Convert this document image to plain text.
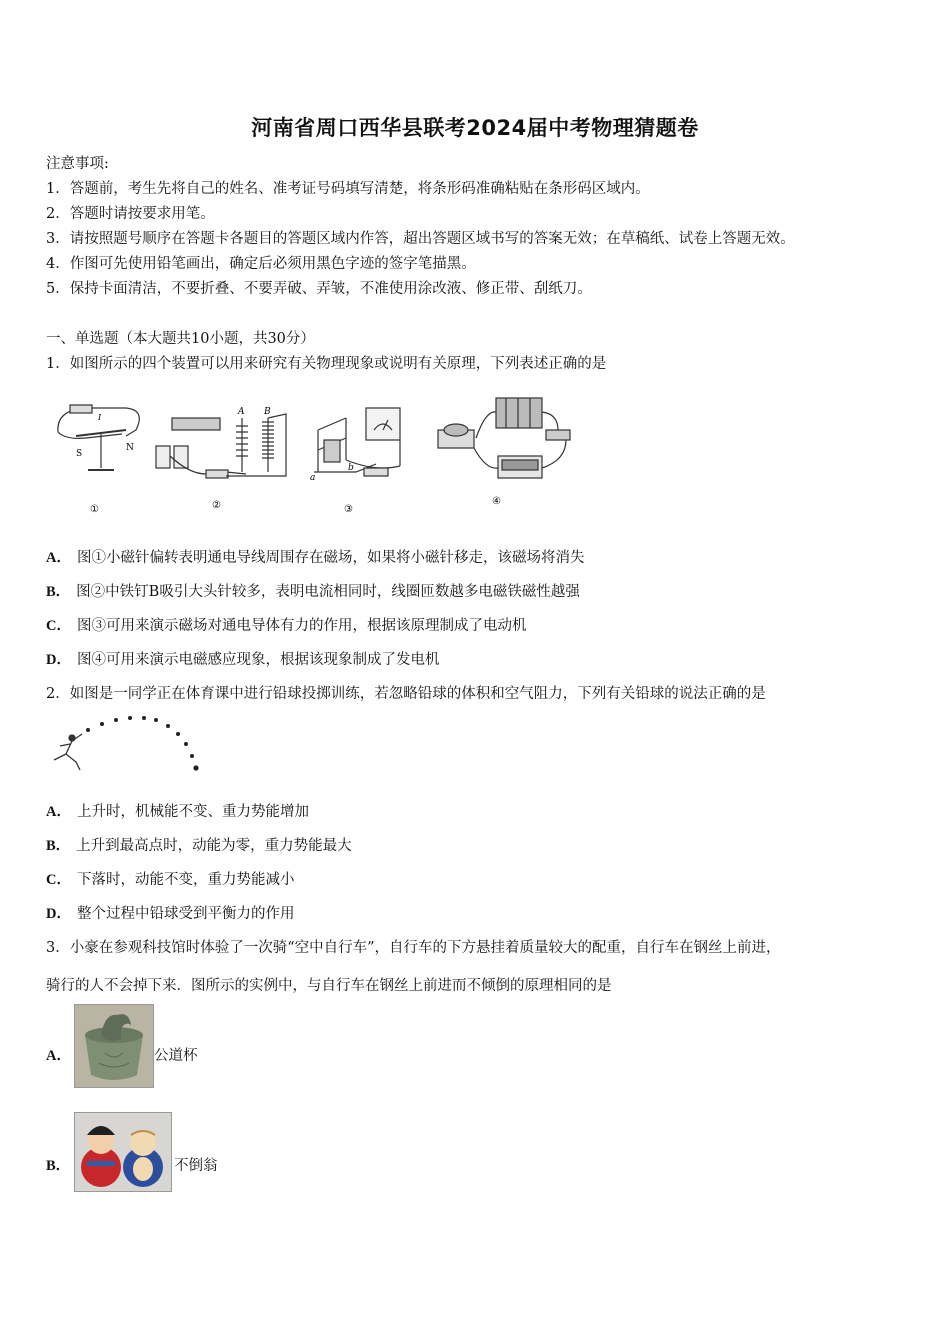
河南省周口西华县联考2024届中考物理猜题卷
注意事项:
1．答题前，考生先将自己的姓名、准考证号码填写清楚，将条形码准确粘贴在条形码区域内。
2．答题时请按要求用笔。
3．请按照题号顺序在答题卡各题目的答题区域内作答，超出答题区域书写的答案无效；在草稿纸、试卷上答题无效。
4．作图可先使用铅笔画出，确定后必须用黑色字迹的签字笔描黑。
5．保持卡面清洁，不要折叠、不要弄破、弄皱，不准使用涂改液、修正带、刮纸刀。
一、单选题（本大题共10小题，共30分）
1．如图所示的四个装置可以用来研究有关物理现象或说明有关原理，下列表述正确的是
S
N
I
①
A B
②
a
b
③
④
A． 图①小磁针偏转表明通电导线周围存在磁场，如果将小磁针移走，该磁场将消失
B． 图②中铁钉B吸引大头针较多，表明电流相同时，线圈匝数越多电磁铁磁性越强
C． 图③可用来演示磁场对通电导体有力的作用，根据该原理制成了电动机
D． 图④可用来演示电磁感应现象，根据该现象制成了发电机
2．如图是一同学正在体育课中进行铅球投掷训练，若忽略铅球的体积和空气阻力，下列有关铅球的说法正确的是
A． 上升时，机械能不变、重力势能增加
B． 上升到最高点时，动能为零，重力势能最大
C． 下落时，动能不变，重力势能减小
D． 整个过程中铅球受到平衡力的作用
3．小豪在参观科技馆时体验了一次骑“空中自行车”，自行车的下方悬挂着质量较大的配重，自行车在钢丝上前进，
骑行的人不会掉下来．图所示的实例中，与自行车在钢丝上前进而不倾倒的原理相同的是
A．	公道杯
B．	不倒翁
